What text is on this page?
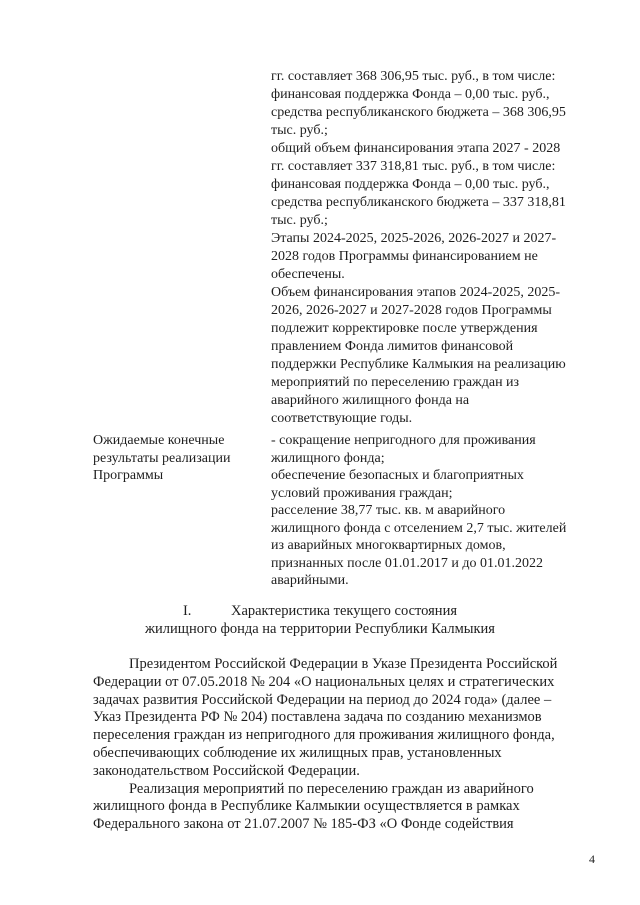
гг. составляет 368 306,95 тыс. руб., в том числе:
финансовая поддержка Фонда – 0,00 тыс. руб.,
средства республиканского бюджета – 368 306,95
тыс. руб.;
общий объем финансирования этапа 2027 - 2028
гг. составляет 337 318,81 тыс. руб., в том числе:
финансовая поддержка Фонда – 0,00 тыс. руб.,
средства республиканского бюджета – 337 318,81
тыс. руб.;
Этапы 2024-2025, 2025-2026, 2026-2027 и 2027-
2028 годов Программы финансированием не
обеспечены.
Объем финансирования этапов 2024-2025, 2025-
2026, 2026-2027 и 2027-2028 годов Программы
подлежит корректировке после утверждения
правлением Фонда лимитов финансовой
поддержки Республике Калмыкия на реализацию
мероприятий по переселению граждан из
аварийного жилищного фонда на
соответствующие годы.
Ожидаемые конечные
результаты реализации
Программы
- сокращение непригодного для проживания
жилищного фонда;
обеспечение безопасных и благоприятных
условий проживания граждан;
расселение 38,77 тыс. кв. м аварийного
жилищного фонда с отселением 2,7 тыс. жителей
из аварийных многоквартирных домов,
признанных после 01.01.2017 и до 01.01.2022
аварийными.
I.	Характеристика текущего состояния
жилищного фонда на территории Республики Калмыкия
Президентом Российской Федерации в Указе Президента Российской
Федерации от 07.05.2018 № 204 «О национальных целях и стратегических
задачах развития Российской Федерации на период до 2024 года» (далее –
Указ Президента РФ № 204) поставлена задача по созданию механизмов
переселения граждан из непригодного для проживания жилищного фонда,
обеспечивающих соблюдение их жилищных прав, установленных
законодательством Российской Федерации.
Реализация мероприятий по переселению граждан из аварийного
жилищного фонда в Республике Калмыкии осуществляется в рамках
Федерального закона от 21.07.2007 № 185-ФЗ «О Фонде содействия
4
